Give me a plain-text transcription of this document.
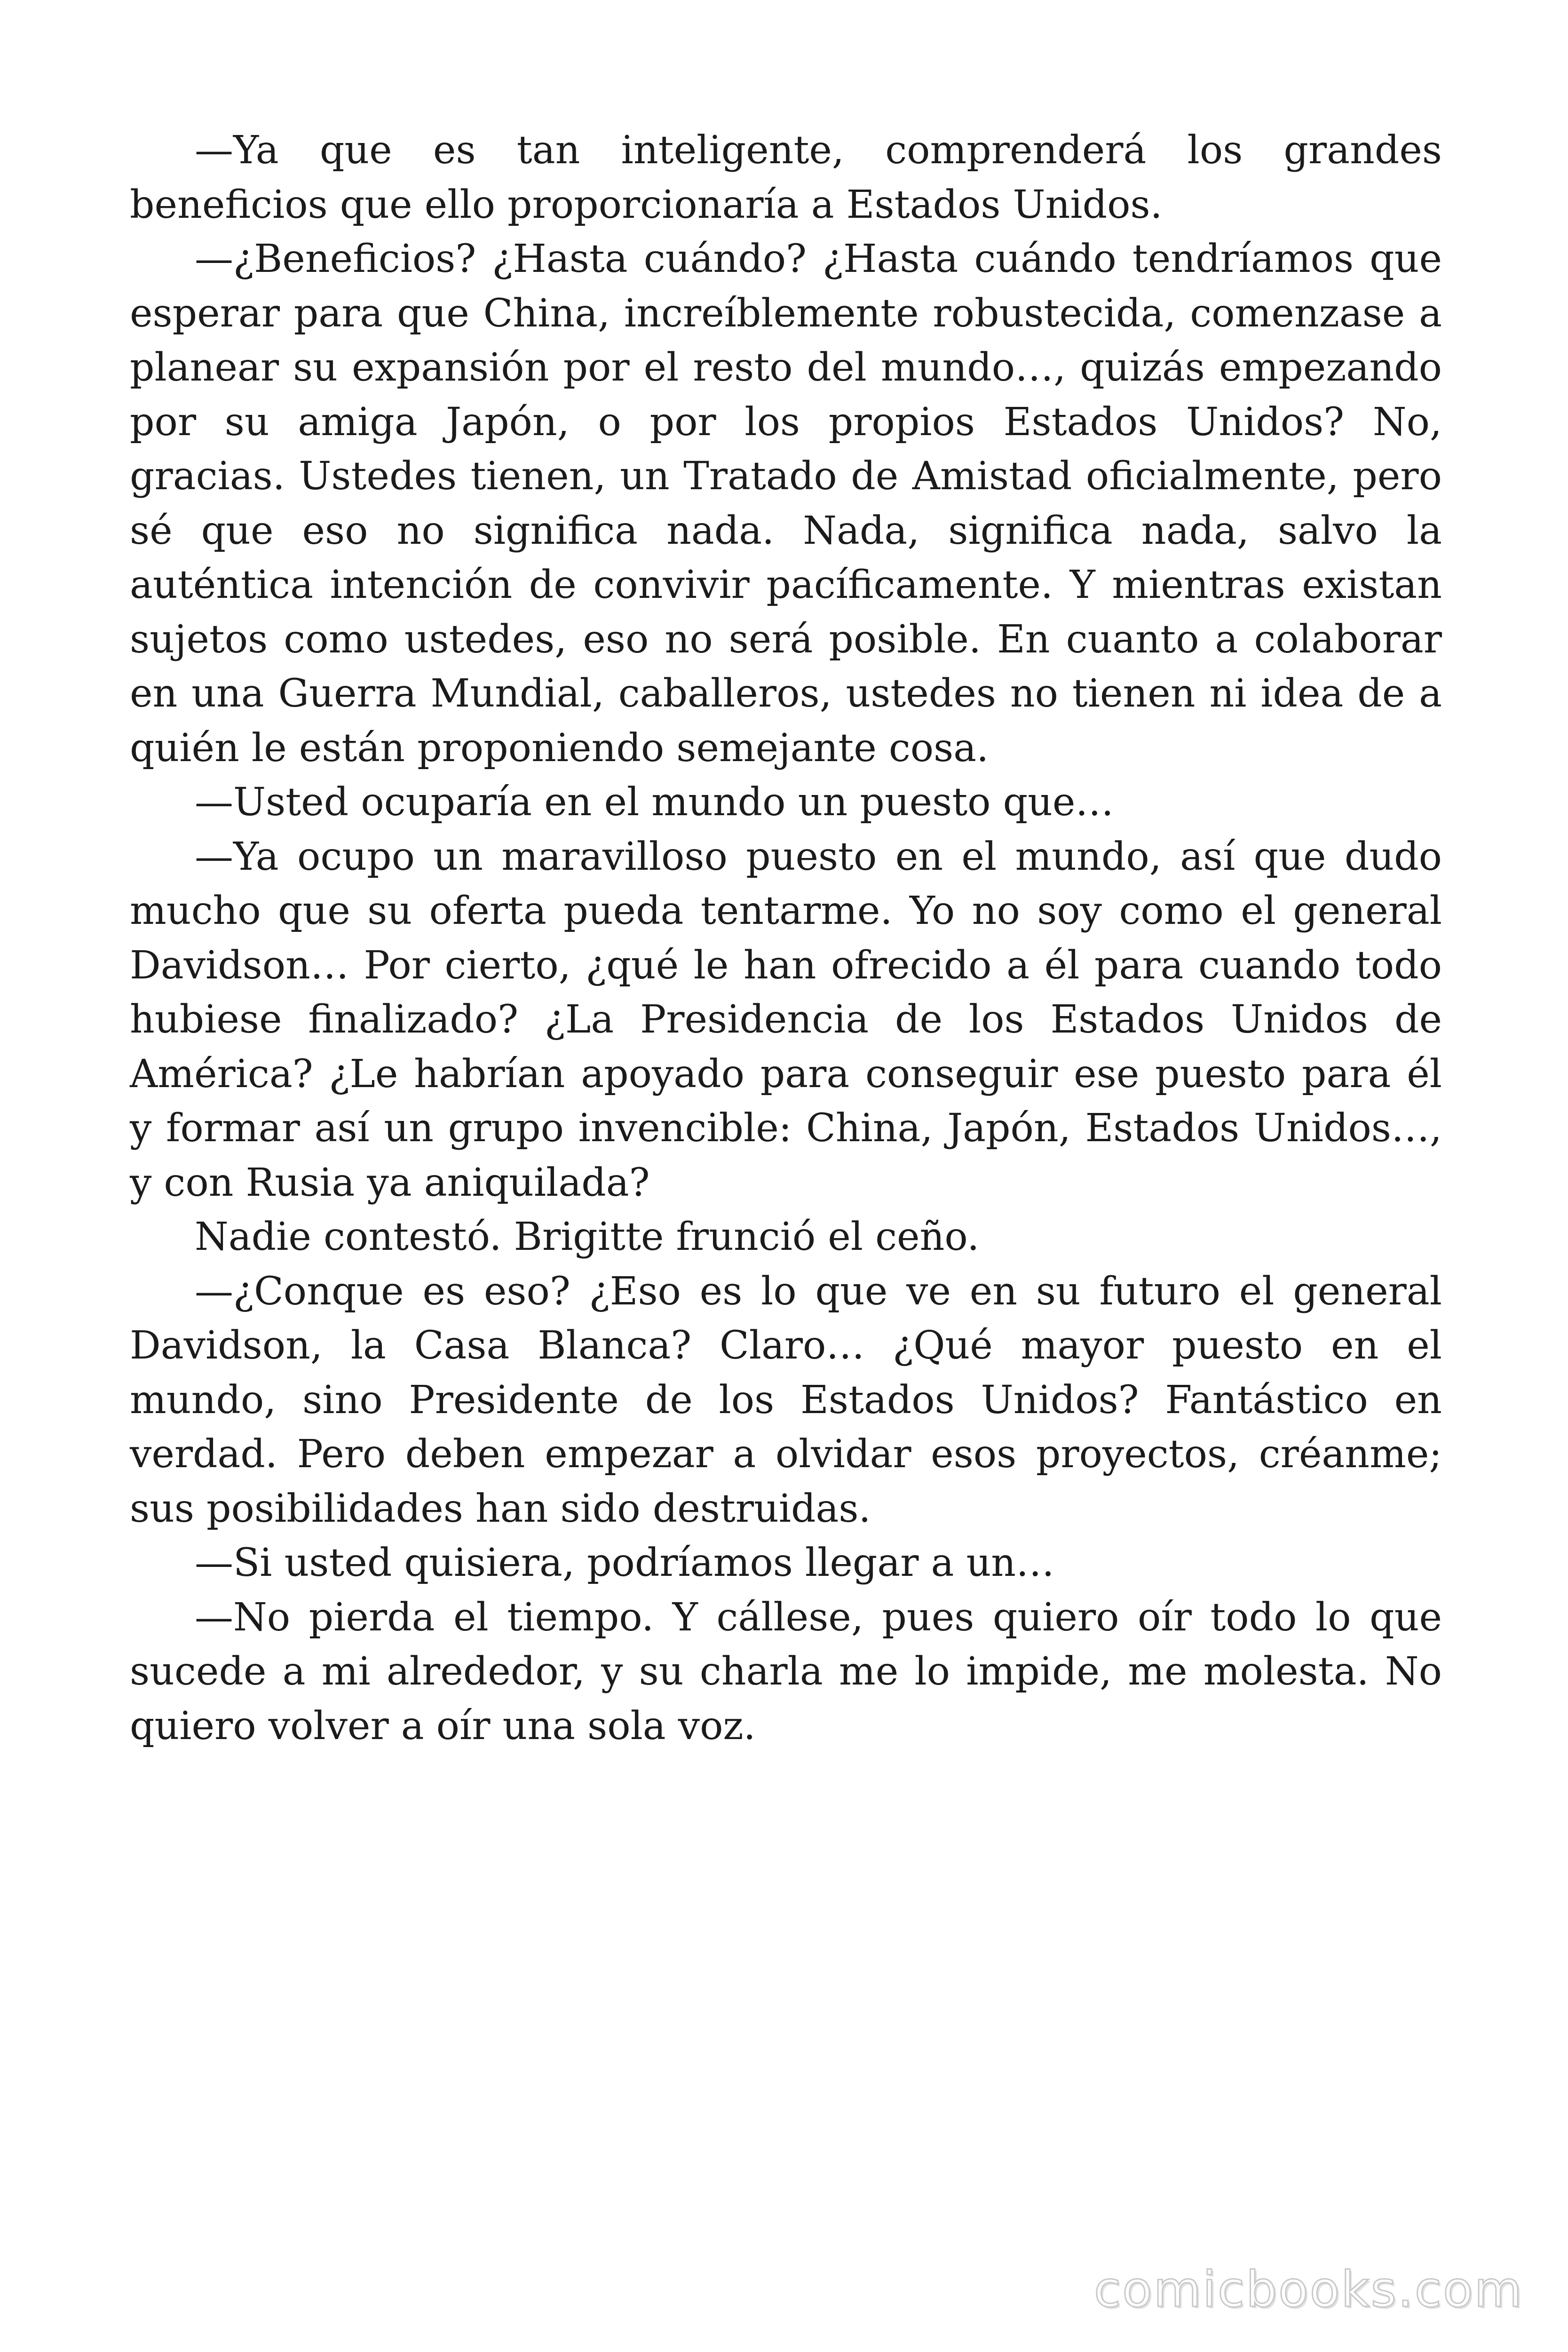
—Ya que es tan inteligente, comprenderá los grandes beneficios que ello proporcionaría a Estados Unidos.

—¿Beneficios? ¿Hasta cuándo? ¿Hasta cuándo tendríamos que esperar para que China, increíblemente robustecida, comenzase a planear su expansión por el resto del mundo…, quizás empezando por su amiga Japón, o por los propios Estados Unidos? No, gracias. Ustedes tienen, un Tratado de Amistad oficialmente, pero sé que eso no significa nada. Nada, significa nada, salvo la auténtica intención de convivir pacíficamente. Y mientras existan sujetos como ustedes, eso no será posible. En cuanto a colaborar en una Guerra Mundial, caballeros, ustedes no tienen ni idea de a quién le están proponiendo semejante cosa.

—Usted ocuparía en el mundo un puesto que…

—Ya ocupo un maravilloso puesto en el mundo, así que dudo mucho que su oferta pueda tentarme. Yo no soy como el general Davidson… Por cierto, ¿qué le han ofrecido a él para cuando todo hubiese finalizado? ¿La Presidencia de los Estados Unidos de América? ¿Le habrían apoyado para conseguir ese puesto para él y formar así un grupo invencible: China, Japón, Estados Unidos…, y con Rusia ya aniquilada?

Nadie contestó. Brigitte frunció el ceño.

—¿Conque es eso? ¿Eso es lo que ve en su futuro el general Davidson, la Casa Blanca? Claro… ¿Qué mayor puesto en el mundo, sino Presidente de los Estados Unidos? Fantástico en verdad. Pero deben empezar a olvidar esos proyectos, créanme; sus posibilidades han sido destruidas.

—Si usted quisiera, podríamos llegar a un…

—No pierda el tiempo. Y cállese, pues quiero oír todo lo que sucede a mi alrededor, y su charla me lo impide, me molesta. No quiero volver a oír una sola voz.

comicbooks.com
